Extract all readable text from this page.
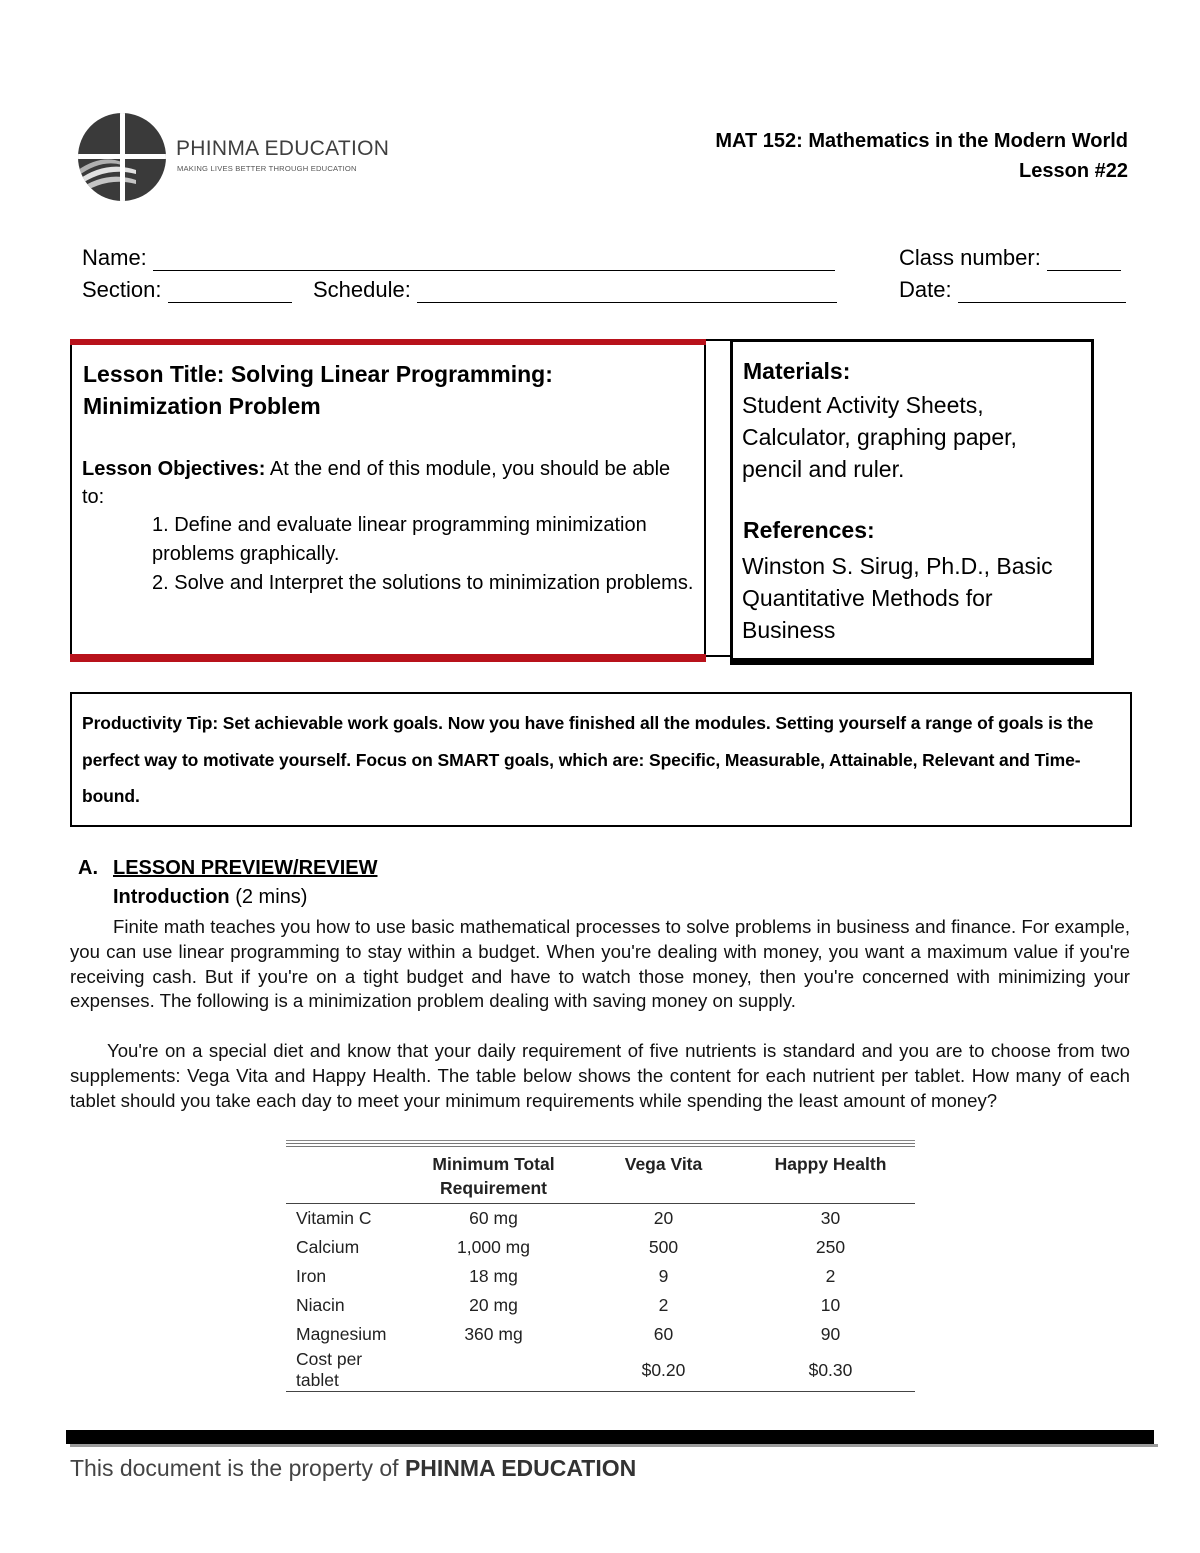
PHINMA EDUCATION
MAKING LIVES BETTER THROUGH EDUCATION
MAT 152: Mathematics in the Modern World
Lesson #22
Name:	Class number:
Section:	Schedule:	Date:
Lesson Title: Solving Linear Programming:
Minimization Problem
Lesson Objectives: At the end of this module, you should be able to:
1. Define and evaluate linear programming minimization problems graphically.
2. Solve and Interpret the solutions to minimization problems.
Materials:
Student Activity Sheets, Calculator, graphing paper, pencil and ruler.
References:
Winston S. Sirug, Ph.D., Basic Quantitative Methods for Business
Productivity Tip: Set achievable work goals. Now you have finished all the modules. Setting yourself a range of goals is the perfect way to motivate yourself. Focus on SMART goals, which are: Specific, Measurable, Attainable, Relevant and Time-bound.
A. LESSON PREVIEW/REVIEW
Introduction (2 mins)
Finite math teaches you how to use basic mathematical processes to solve problems in business and finance. For example, you can use linear programming to stay within a budget. When you're dealing with money, you want a maximum value if you're receiving cash. But if you're on a tight budget and have to watch those money, then you're concerned with minimizing your expenses. The following is a minimization problem dealing with saving money on supply.
You're on a special diet and know that your daily requirement of five nutrients is standard and you are to choose from two supplements: Vega Vita and Happy Health. The table below shows the content for each nutrient per tablet. How many of each tablet should you take each day to meet your minimum requirements while spending the least amount of money?
	Minimum Total Requirement	Vega Vita	Happy Health
Vitamin C	60 mg	20	30
Calcium	1,000 mg	500	250
Iron	18 mg	9	2
Niacin	20 mg	2	10
Magnesium	360 mg	60	90
Cost per tablet		$0.20	$0.30
This document is the property of PHINMA EDUCATION
